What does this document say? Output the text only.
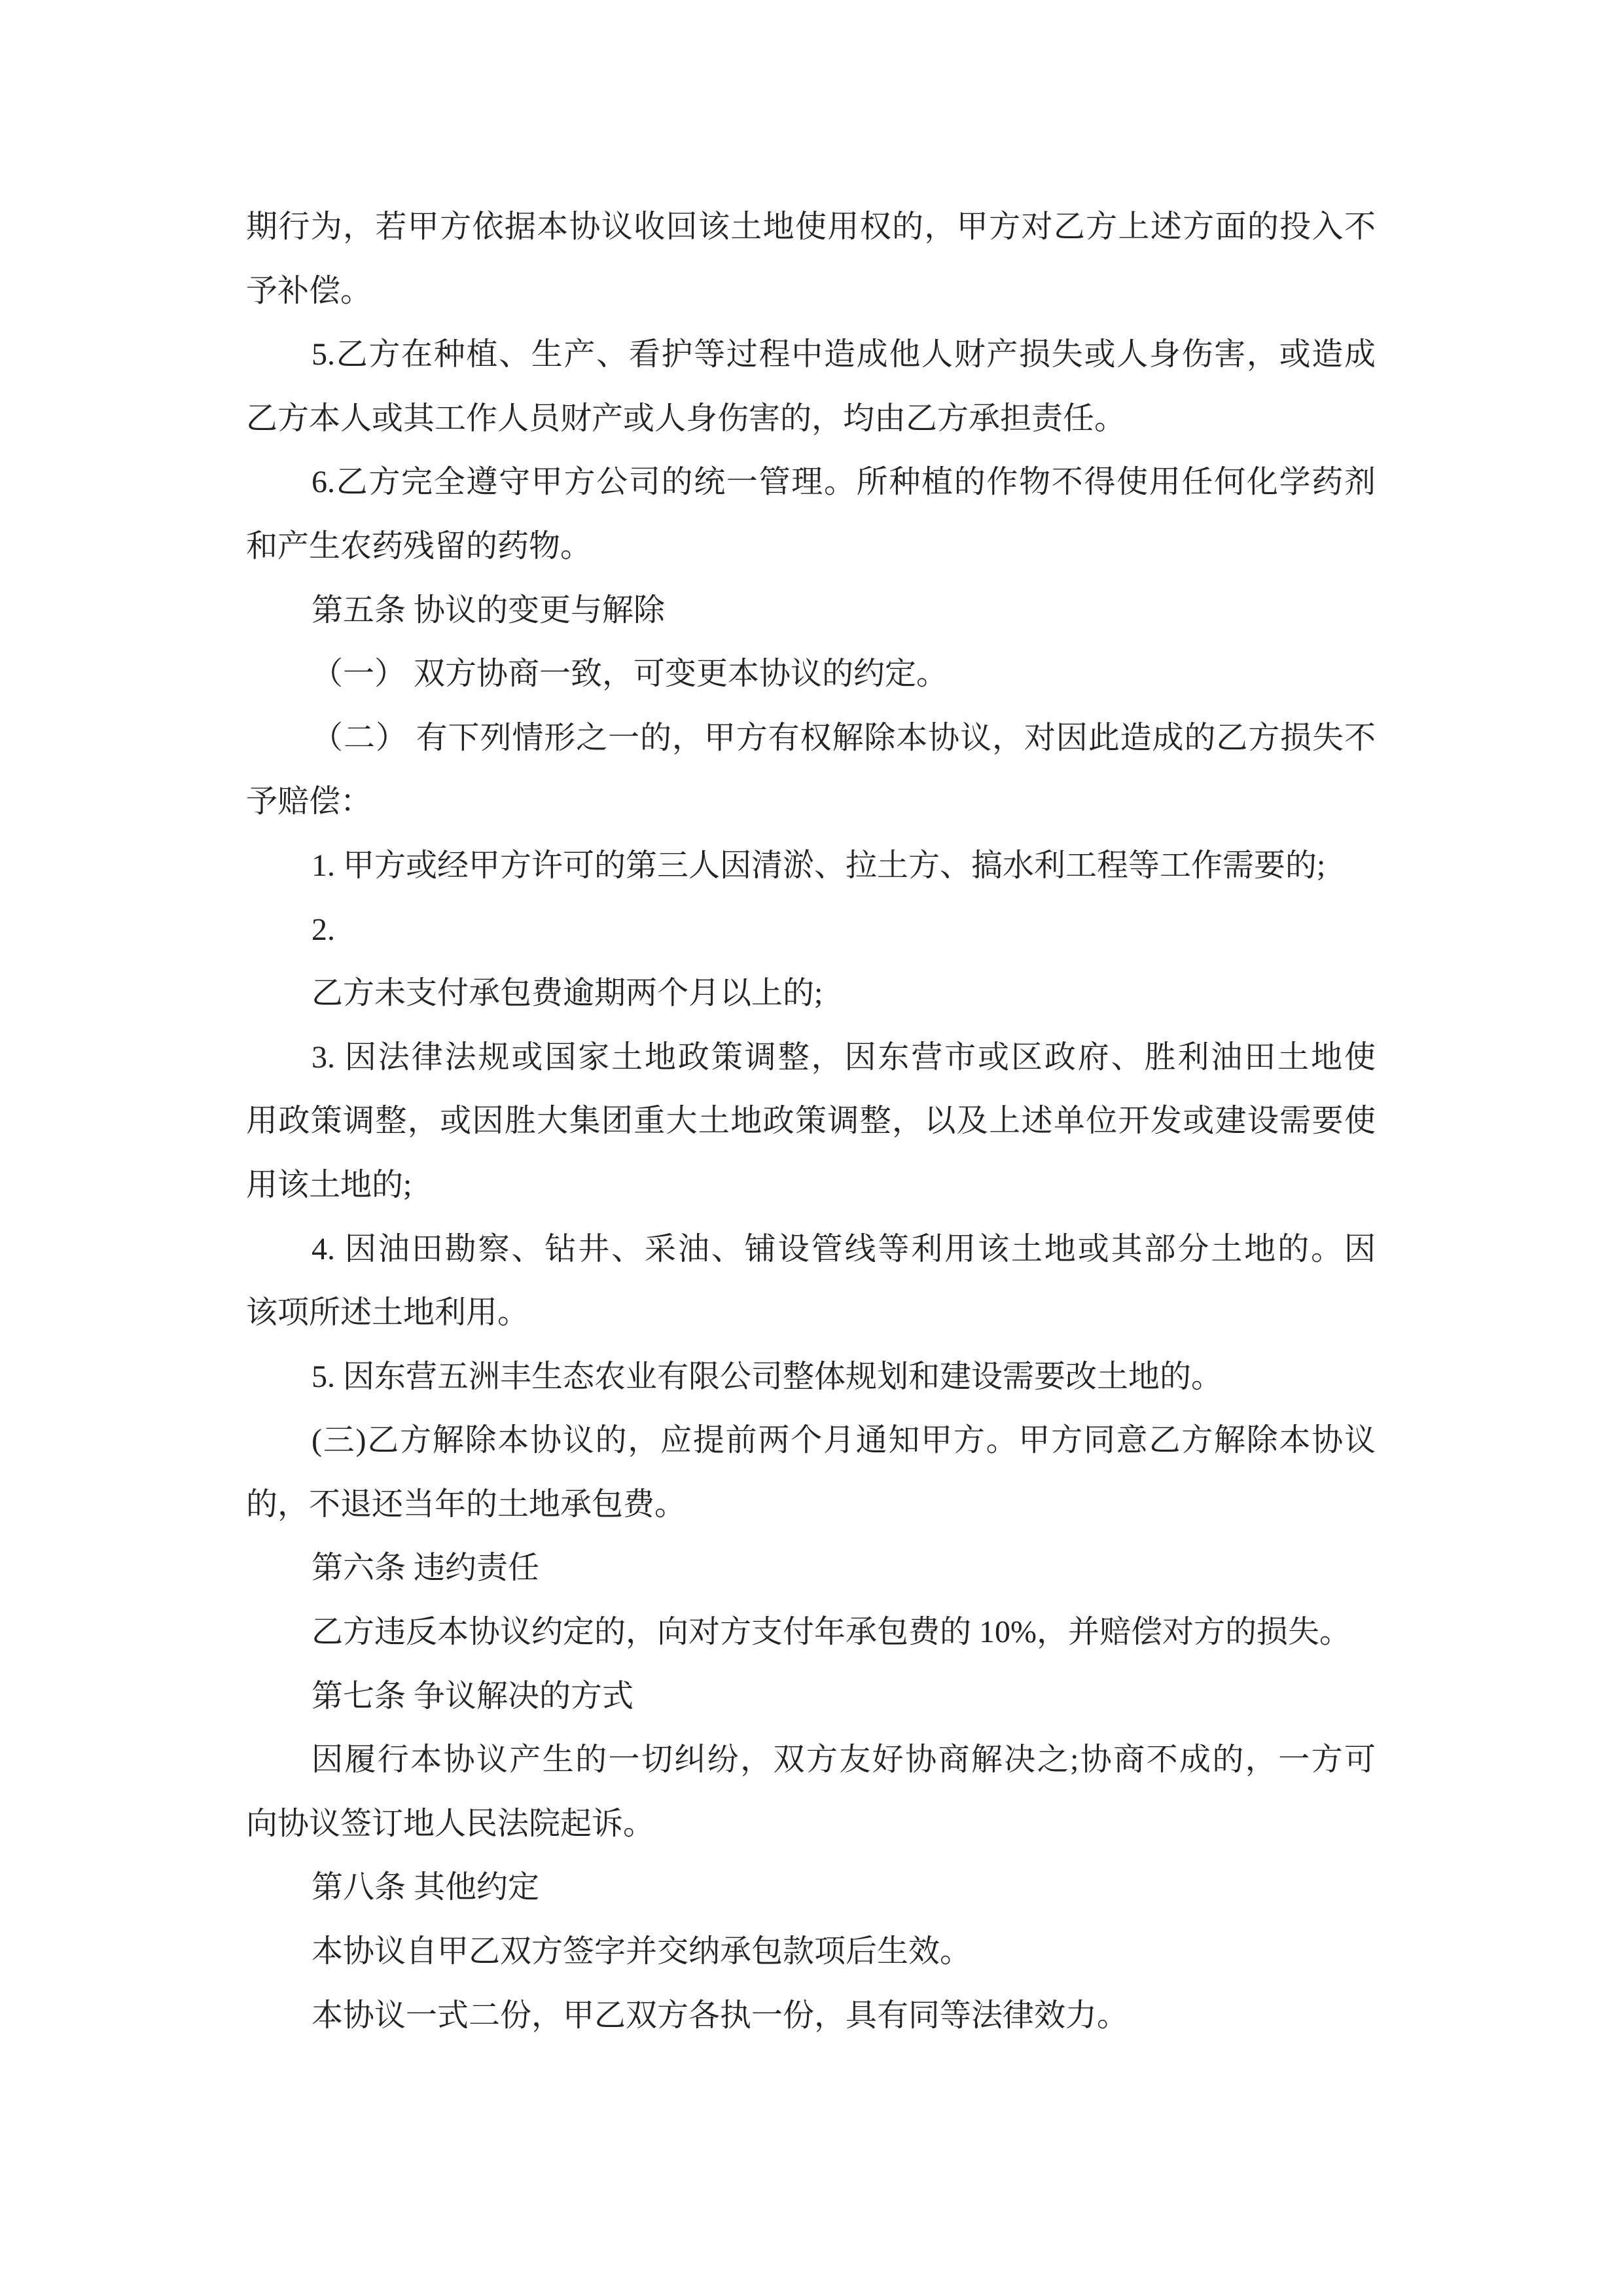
期行为，若甲方依据本协议收回该土地使用权的，甲方对乙方上述方面的投入不
予补偿。
5.乙方在种植、生产、看护等过程中造成他人财产损失或人身伤害，或造成
乙方本人或其工作人员财产或人身伤害的，均由乙方承担责任。
6.乙方完全遵守甲方公司的统一管理。所种植的作物不得使用任何化学药剂
和产生农药残留的药物。
第五条 协议的变更与解除
（一） 双方协商一致，可变更本协议的约定。
（二） 有下列情形之一的，甲方有权解除本协议，对因此造成的乙方损失不
予赔偿：
1. 甲方或经甲方许可的第三人因清淤、拉土方、搞水利工程等工作需要的;
2.
乙方未支付承包费逾期两个月以上的;
3. 因法律法规或国家土地政策调整，因东营市或区政府、胜利油田土地使
用政策调整，或因胜大集团重大土地政策调整，以及上述单位开发或建设需要使
用该土地的;
4. 因油田勘察、钻井、采油、铺设管线等利用该土地或其部分土地的。因
该项所述土地利用。
5. 因东营五洲丰生态农业有限公司整体规划和建设需要改土地的。
(三)乙方解除本协议的，应提前两个月通知甲方。甲方同意乙方解除本协议
的，不退还当年的土地承包费。
第六条 违约责任
乙方违反本协议约定的，向对方支付年承包费的 10%，并赔偿对方的损失。
第七条 争议解决的方式
因履行本协议产生的一切纠纷，双方友好协商解决之;协商不成的，一方可
向协议签订地人民法院起诉。
第八条 其他约定
本协议自甲乙双方签字并交纳承包款项后生效。
本协议一式二份，甲乙双方各执一份，具有同等法律效力。
